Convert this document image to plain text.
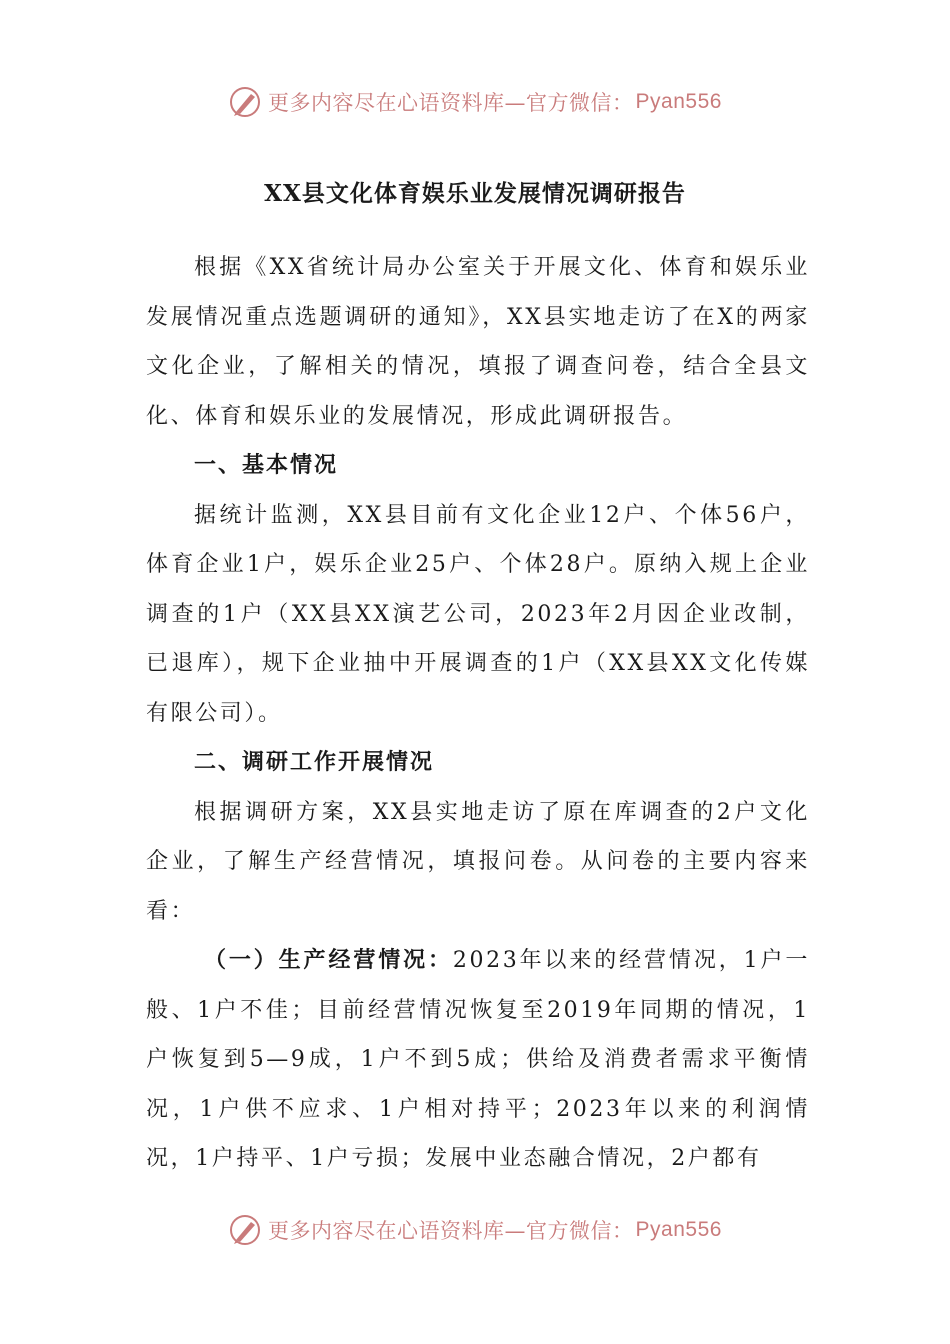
更多内容尽在心语资料库—官方微信： Pyan556
XX县文化体育娱乐业发展情况调研报告

根据《XX省统计局办公室关于开展文化、体育和娱乐业发展情况重点选题调研的通知》，XX县实地走访了在X的两家文化企业，了解相关的情况，填报了调查问卷，结合全县文化、体育和娱乐业的发展情况，形成此调研报告。

一、基本情况

据统计监测，XX县目前有文化企业12户、个体56户，体育企业1户，娱乐企业25户、个体28户。原纳入规上企业调查的1户（XX县XX演艺公司，2023年2月因企业改制，已退库），规下企业抽中开展调查的1户（XX县XX文化传媒有限公司）。

二、调研工作开展情况

根据调研方案，XX县实地走访了原在库调查的2户文化企业，了解生产经营情况，填报问卷。从问卷的主要内容来看：

（一）生产经营情况：2023年以来的经营情况，1户一般、1户不佳；目前经营情况恢复至2019年同期的情况，1户恢复到5—9成，1户不到5成；供给及消费者需求平衡情况，1户供不应求、1户相对持平；2023年以来的利润情况，1户持平、1户亏损；发展中业态融合情况，2户都有

更多内容尽在心语资料库—官方微信： Pyan556
